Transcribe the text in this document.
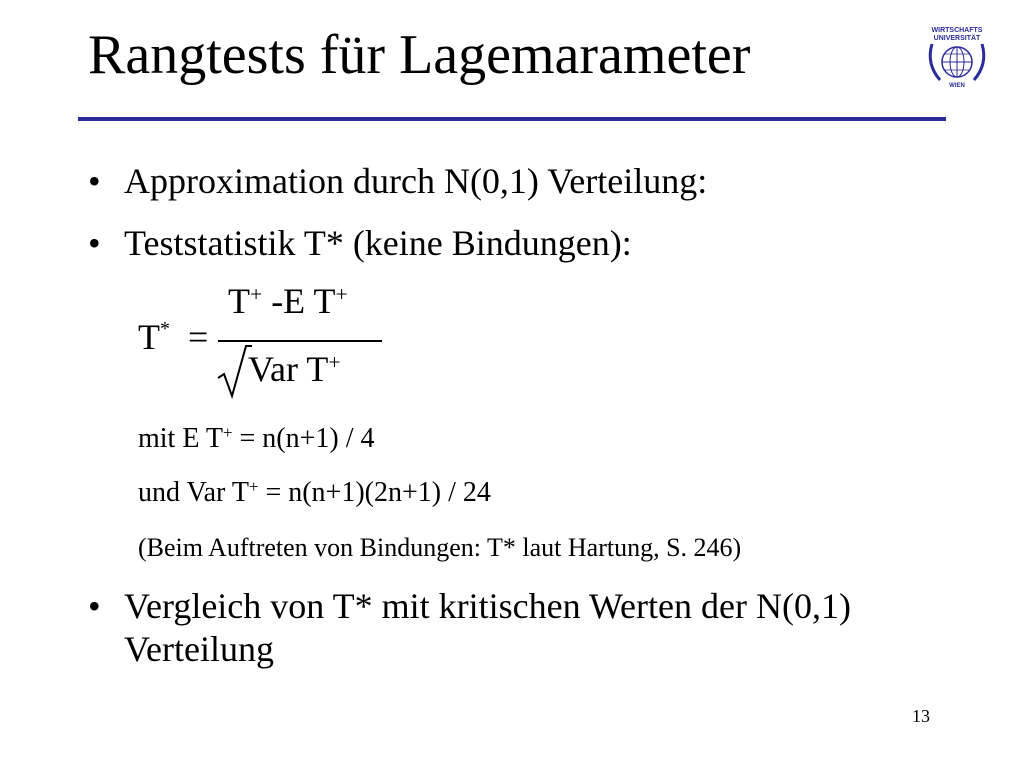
Rangtests für Lagemarameter	WIRTSCHAFTS
UNIVERSITÄT
WIEN
• Approximation durch N(0,1) Verteilung:
• Teststatistik T* (keine Bindungen):
T* =
T+ -E T+
Var T+
mit E T+ = n(n+1) / 4
und Var T+ = n(n+1)(2n+1) / 24
(Beim Auftreten von Bindungen: T* laut Hartung, S. 246)
• Vergleich von T* mit kritischen Werten der N(0,1) Verteilung
13
